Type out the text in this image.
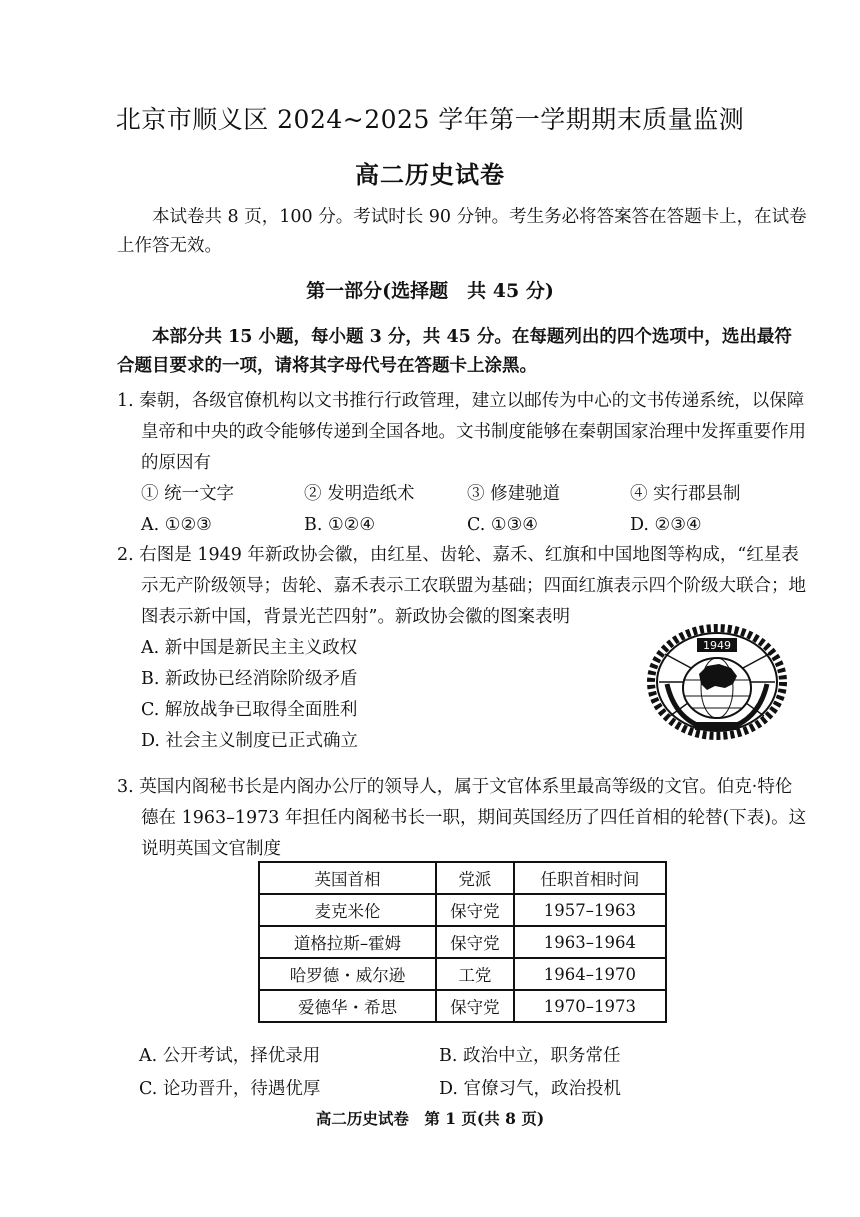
北京市顺义区 2024~2025 学年第一学期期末质量监测
高二历史试卷
本试卷共 8 页，100 分。考试时长 90 分钟。考生务必将答案答在答题卡上，在试卷上作答无效。
第一部分(选择题　共 45 分)
本部分共 15 小题，每小题 3 分，共 45 分。在每题列出的四个选项中，选出最符合题目要求的一项，请将其字母代号在答题卡上涂黑。

1. 秦朝，各级官僚机构以文书推行行政管理，建立以邮传为中心的文书传递系统，以保障皇帝和中央的政令能够传递到全国各地。文书制度能够在秦朝国家治理中发挥重要作用的原因有

① 统一文字	② 发明造纸术	③ 修建驰道	④ 实行郡县制
A. ①②③	B. ①②④	C. ①③④	D. ②③④

2. 右图是 1949 年新政协会徽，由红星、齿轮、嘉禾、红旗和中国地图等构成，“红星表示无产阶级领导；齿轮、嘉禾表示工农联盟为基础；四面红旗表示四个阶级大联合；地图表示新中国，背景光芒四射”。新政协会徽的图案表明

A. 新中国是新民主主义政权
B. 新政协已经消除阶级矛盾
C. 解放战争已取得全面胜利
D. 社会主义制度已正式确立
1949

3. 英国内阁秘书长是内阁办公厅的领导人，属于文官体系里最高等级的文官。伯克·特伦德在 1963–1973 年担任内阁秘书长一职，期间英国经历了四任首相的轮替(下表)。这说明英国文官制度

英国首相	党派	任职首相时间
麦克米伦	保守党	1957–1963
道格拉斯–霍姆	保守党	1963–1964
哈罗德・威尔逊	工党	1964–1970
爱德华・希思	保守党	1970–1973
A. 公开考试，择优录用	B. 政治中立，职务常任
C. 论功晋升，待遇优厚	D. 官僚习气，政治投机
高二历史试卷　第 1 页(共 8 页)
